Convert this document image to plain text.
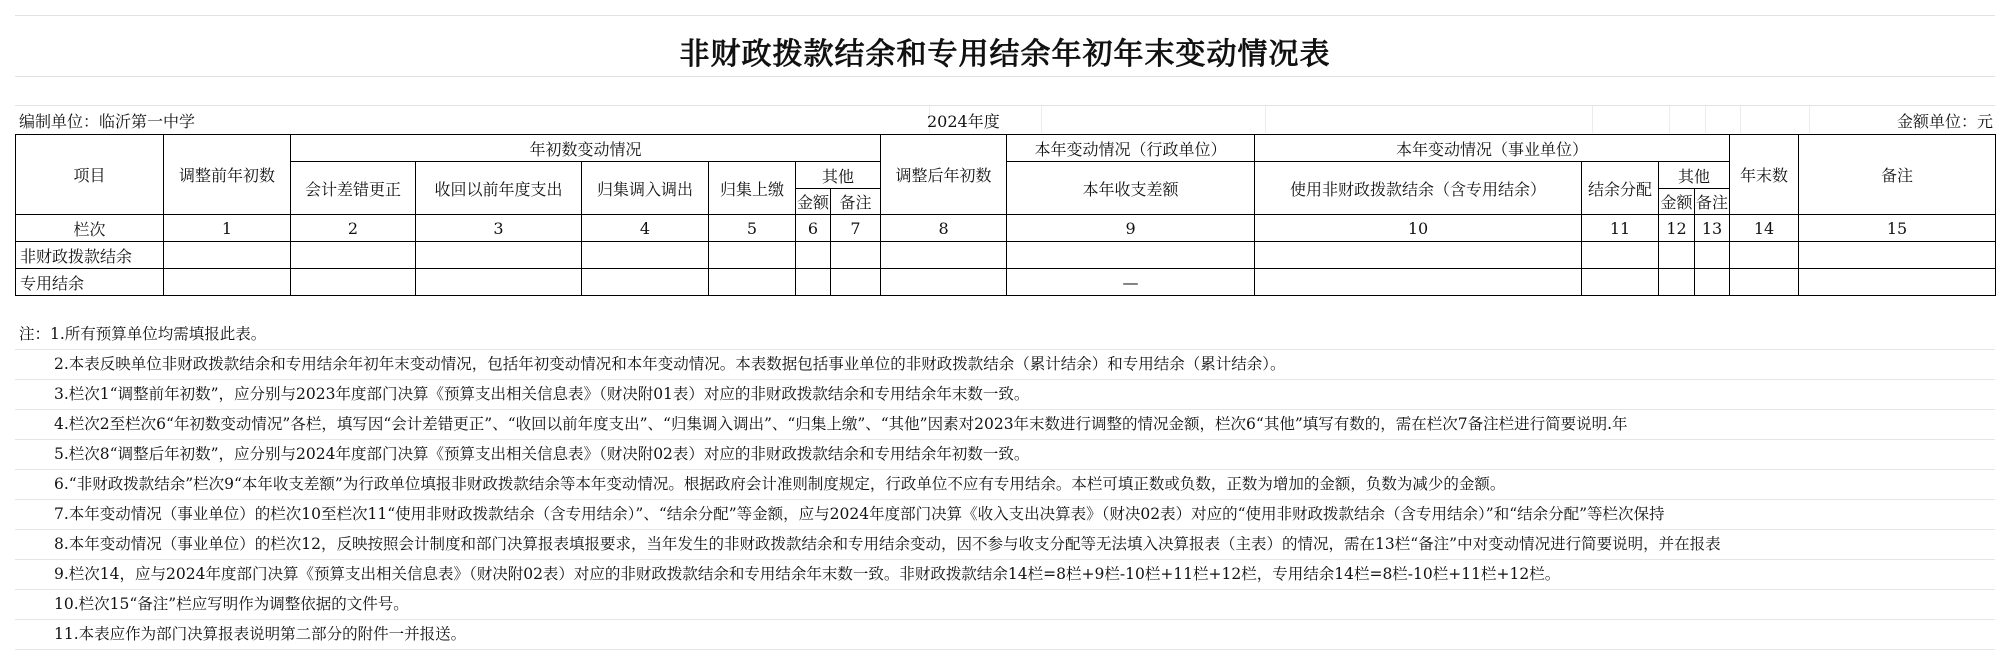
非财政拨款结余和专用结余年初年末变动情况表
编制单位：临沂第一中学	2024年度	金额单位：元
项目	调整前年初数	年初数变动情况						调整后年初数	本年变动情况（行政单位）	本年变动情况（事业单位）				年末数	备注
		会计差错更正	收回以前年度支出	归集调入调出	归集上缴	其他			本年收支差额	使用非财政拨款结余（含专用结余）	结余分配	其他			
						金额	备注					金额	备注		
栏次	1	2	3	4	5	6	7	8	9	10	11	12	13	14	15
非财政拨款结余															
专用结余									—						
注：1.所有预算单位均需填报此表。
2.本表反映单位非财政拨款结余和专用结余年初年末变动情况，包括年初变动情况和本年变动情况。本表数据包括事业单位的非财政拨款结余（累计结余）和专用结余（累计结余）。
3.栏次1“调整前年初数”，应分别与2023年度部门决算《预算支出相关信息表》（财决附01表）对应的非财政拨款结余和专用结余年末数一致。
4.栏次2至栏次6“年初数变动情况”各栏，填写因“会计差错更正”、“收回以前年度支出”、“归集调入调出”、“归集上缴”、“其他”因素对2023年末数进行调整的情况金额，栏次6“其他”填写有数的，需在栏次7备注栏进行简要说明.年
5.栏次8“调整后年初数”，应分别与2024年度部门决算《预算支出相关信息表》（财决附02表）对应的非财政拨款结余和专用结余年初数一致。
6.“非财政拨款结余”栏次9“本年收支差额”为行政单位填报非财政拨款结余等本年变动情况。根据政府会计准则制度规定，行政单位不应有专用结余。本栏可填正数或负数，正数为增加的金额，负数为减少的金额。
7.本年变动情况（事业单位）的栏次10至栏次11“使用非财政拨款结余（含专用结余）”、“结余分配”等金额，应与2024年度部门决算《收入支出决算表》（财决02表）对应的“使用非财政拨款结余（含专用结余）”和“结余分配”等栏次保持
8.本年变动情况（事业单位）的栏次12，反映按照会计制度和部门决算报表填报要求，当年发生的非财政拨款结余和专用结余变动，因不参与收支分配等无法填入决算报表（主表）的情况，需在13栏“备注”中对变动情况进行简要说明，并在报表
9.栏次14，应与2024年度部门决算《预算支出相关信息表》（财决附02表）对应的非财政拨款结余和专用结余年末数一致。非财政拨款结余14栏=8栏+9栏-10栏+11栏+12栏，专用结余14栏=8栏-10栏+11栏+12栏。
10.栏次15“备注”栏应写明作为调整依据的文件号。
11.本表应作为部门决算报表说明第二部分的附件一并报送。
